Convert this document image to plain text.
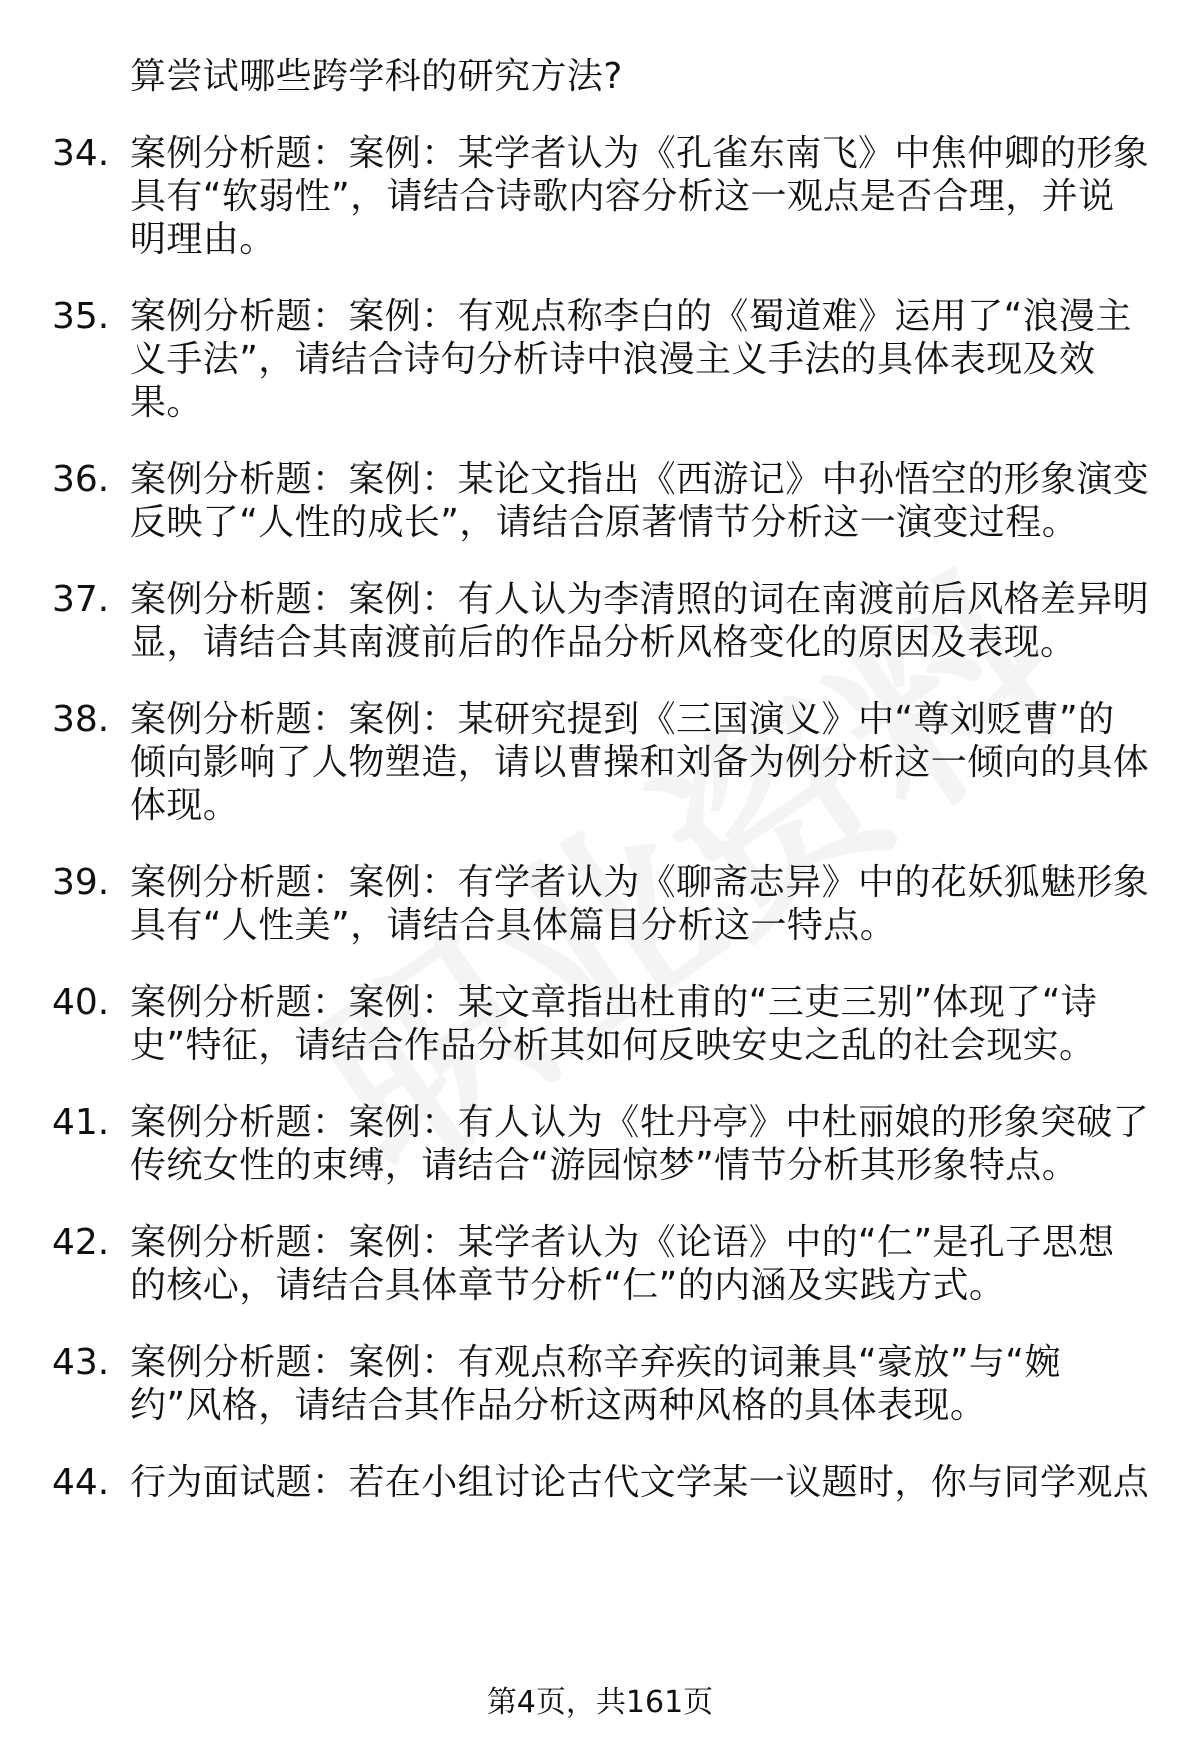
算尝试哪些跨学科的研究方法?
34. 案例分析题：案例：某学者认为《孔雀东南飞》中焦仲卿的形象
具有“软弱性”，请结合诗歌内容分析这一观点是否合理，并说
明理由。
35. 案例分析题：案例：有观点称李白的《蜀道难》运用了“浪漫主
义手法”，请结合诗句分析诗中浪漫主义手法的具体表现及效
果。
36. 案例分析题：案例：某论文指出《西游记》中孙悟空的形象演变
反映了“人性的成长”，请结合原著情节分析这一演变过程。
37. 案例分析题：案例：有人认为李清照的词在南渡前后风格差异明
显，请结合其南渡前后的作品分析风格变化的原因及表现。
38. 案例分析题：案例：某研究提到《三国演义》中“尊刘贬曹”的
倾向影响了人物塑造，请以曹操和刘备为例分析这一倾向的具体
体现。
39. 案例分析题：案例：有学者认为《聊斋志异》中的花妖狐魅形象
具有“人性美”，请结合具体篇目分析这一特点。
40. 案例分析题：案例：某文章指出杜甫的“三吏三别”体现了“诗
史”特征，请结合作品分析其如何反映安史之乱的社会现实。
41. 案例分析题：案例：有人认为《牡丹亭》中杜丽娘的形象突破了
传统女性的束缚，请结合“游园惊梦”情节分析其形象特点。
42. 案例分析题：案例：某学者认为《论语》中的“仁”是孔子思想
的核心，请结合具体章节分析“仁”的内涵及实践方式。
43. 案例分析题：案例：有观点称辛弃疾的词兼具“豪放”与“婉
约”风格，请结合其作品分析这两种风格的具体表现。
44. 行为面试题：若在小组讨论古代文学某一议题时，你与同学观点
第4页，共161页
